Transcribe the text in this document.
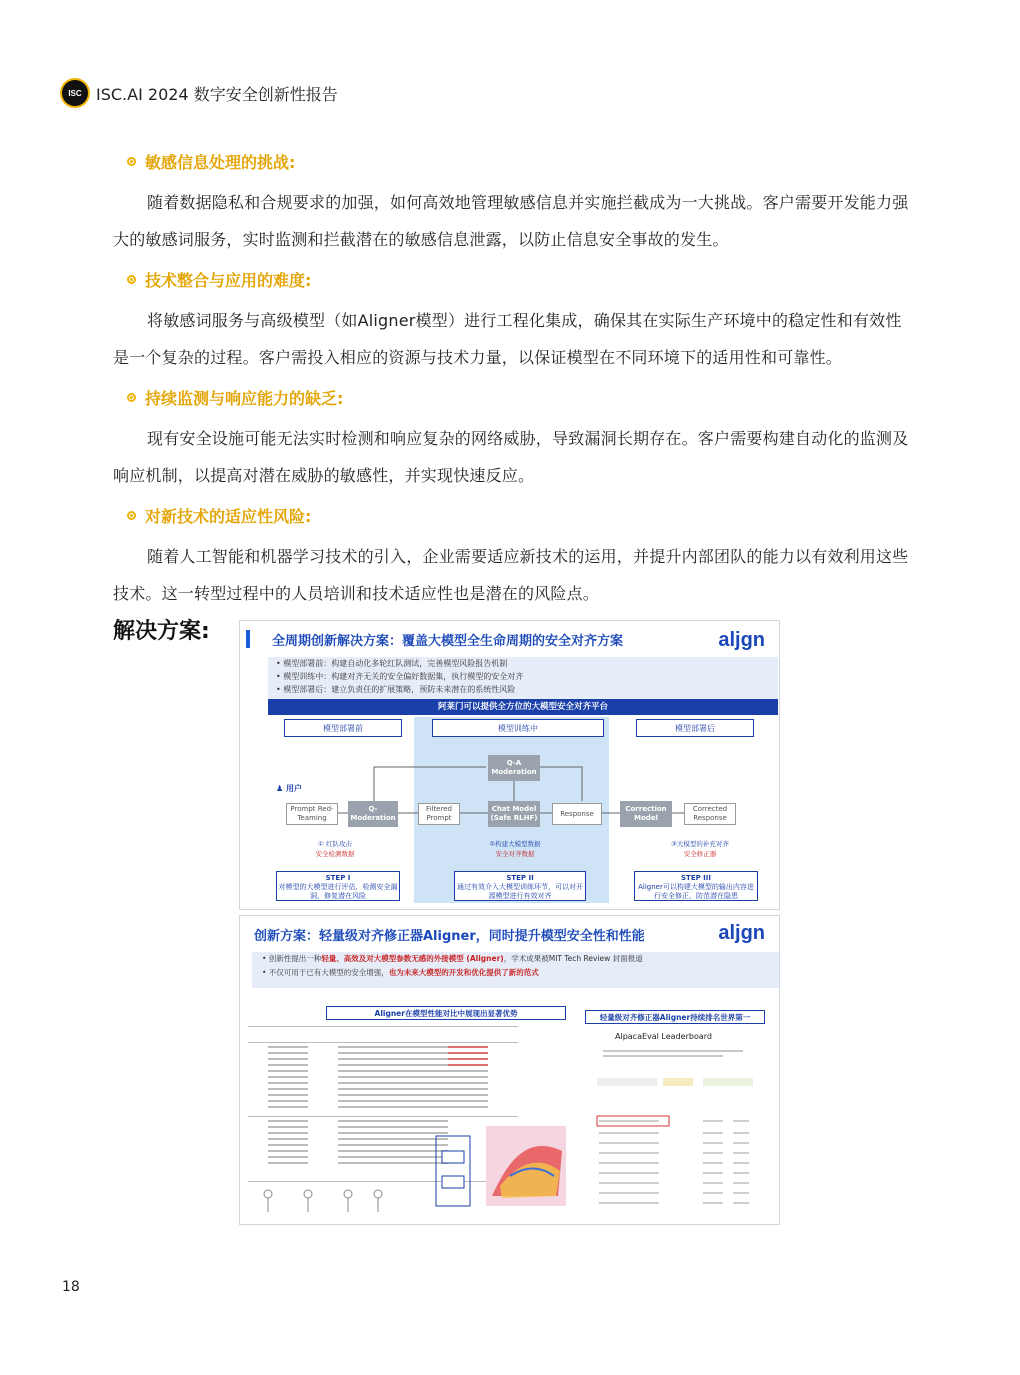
ISC ISC.AI 2024 数字安全创新性报告
敏感信息处理的挑战:

随着数据隐私和合规要求的加强，如何高效地管理敏感信息并实施拦截成为一大挑战。客户需要开发能力强大的敏感词服务，实时监测和拦截潜在的敏感信息泄露，以防止信息安全事故的发生。

技术整合与应用的难度:

将敏感词服务与高级模型（如Aligner模型）进行工程化集成，确保其在实际生产环境中的稳定性和有效性是一个复杂的过程。客户需投入相应的资源与技术力量，以保证模型在不同环境下的适用性和可靠性。

持续监测与响应能力的缺乏:

现有安全设施可能无法实时检测和响应复杂的网络威胁，导致漏洞长期存在。客户需要构建自动化的监测及响应机制，以提高对潜在威胁的敏感性，并实现快速反应。

对新技术的适应性风险:

随着人工智能和机器学习技术的引入，企业需要适应新技术的运用，并提升内部团队的能力以有效利用这些技术。这一转型过程中的人员培训和技术适应性也是潜在的风险点。

解决方案:	全周期创新解决方案：覆盖大模型全生命周期的安全对齐方案	aljgn
• 模型部署前：构建自动化多轮红队测试，完善模型风险报告机制
• 模型训练中：构建对齐无关的安全偏好数据集，执行模型的安全对齐
• 模型部署后：建立负责任的扩展策略，预防未来潜在的系统性风险
阿莱门可以提供全方位的大模型安全对齐平台
模型部署前	模型训练中	模型部署后
♟ 用户
Q-A Moderation
Prompt Red-Teaming
Q-Moderation
Filtered Prompt
Chat Model (Safe RLHF)
Response
Correction Model
Corrected Response
① 红队攻击
安全检测数据
②构建大模型数据
安全对齐数据
③大模型的补充对齐
安全修正器
STEP I
对模型的大模型进行评估，检测安全漏洞，修复潜在风险
STEP II
通过有效介入大模型训练环节，可以对开源模型进行有效对齐
STEP III
Aligner可以构建大模型的输出内容进行安全修正，防范潜在隐患
创新方案：轻量级对齐修正器Aligner，同时提升模型安全性和性能	aljgn
• 创新性提出一种轻量、高效及对大模型参数无感的外接模型 (Aligner)，学术成果被MIT Tech Review 封面报道
• 不仅可用于已有大模型的安全增强，也为未来大模型的开发和优化提供了新的范式
Aligner在模型性能对比中展现出显著优势	轻量级对齐修正器Aligner持续排名世界第一
AlpacaEval Leaderboard
18
